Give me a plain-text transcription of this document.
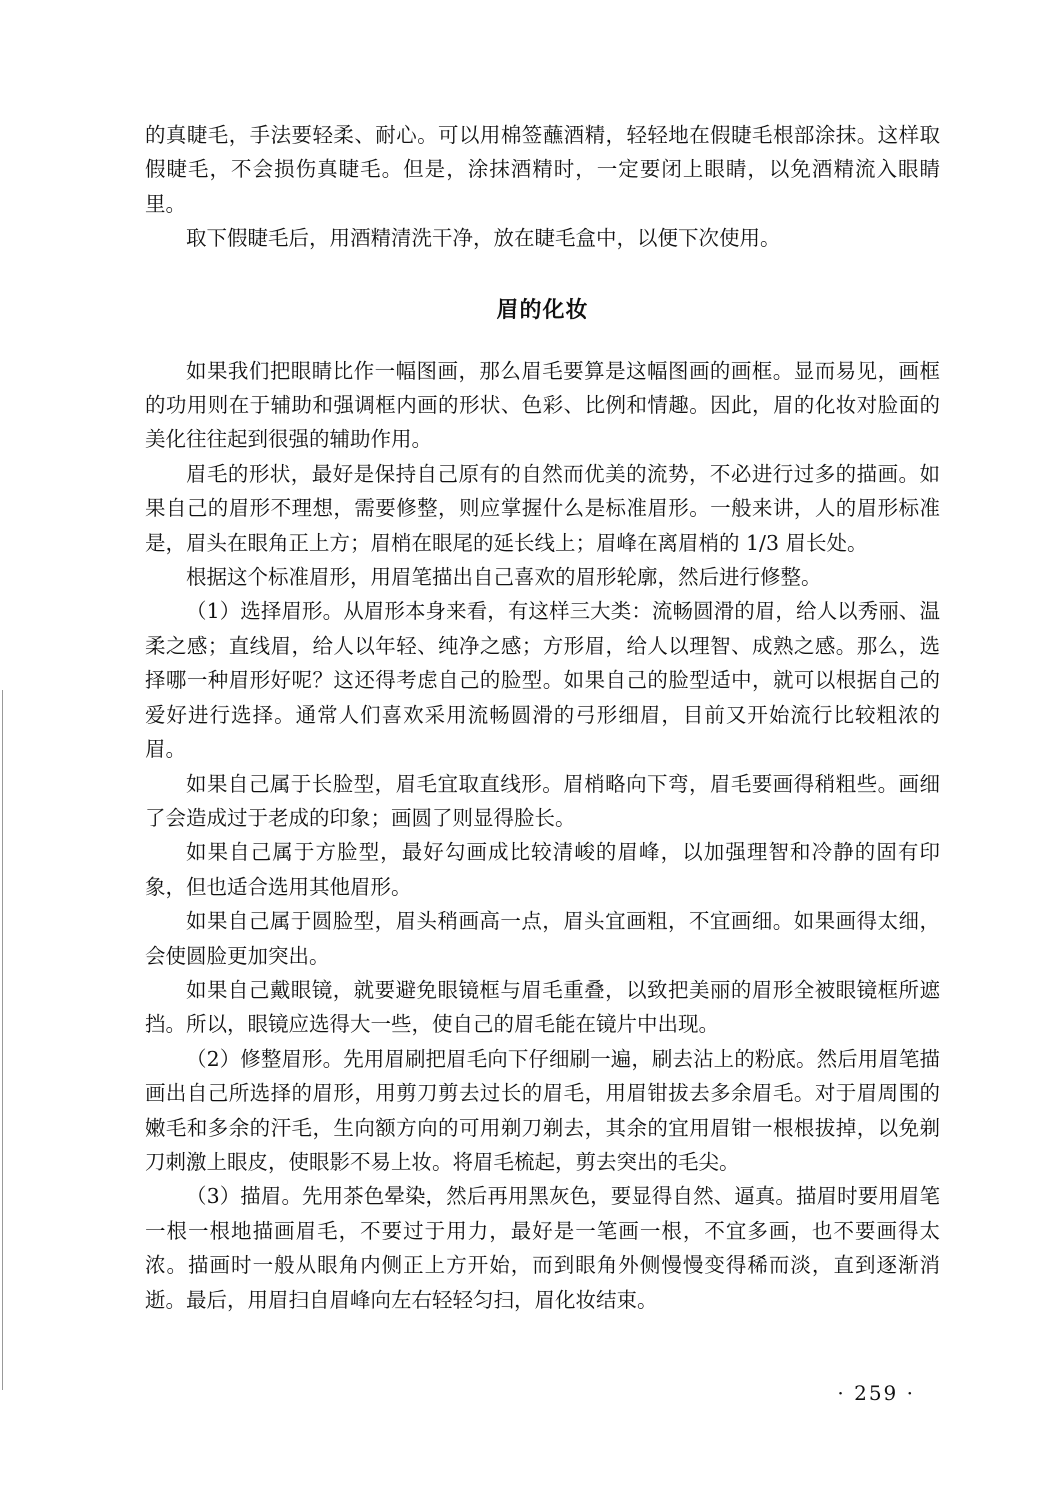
的真睫毛，手法要轻柔、耐心。可以用棉签蘸酒精，轻轻地在假睫毛根部涂抹。这样取假睫毛，不会损伤真睫毛。但是，涂抹酒精时，一定要闭上眼睛，以免酒精流入眼睛里。

取下假睫毛后，用酒精清洗干净，放在睫毛盒中，以便下次使用。

眉的化妆

如果我们把眼睛比作一幅图画，那么眉毛要算是这幅图画的画框。显而易见，画框的功用则在于辅助和强调框内画的形状、色彩、比例和情趣。因此，眉的化妆对脸面的美化往往起到很强的辅助作用。

眉毛的形状，最好是保持自己原有的自然而优美的流势，不必进行过多的描画。如果自己的眉形不理想，需要修整，则应掌握什么是标准眉形。一般来讲，人的眉形标准是，眉头在眼角正上方；眉梢在眼尾的延长线上；眉峰在离眉梢的 1/3 眉长处。

根据这个标准眉形，用眉笔描出自己喜欢的眉形轮廓，然后进行修整。

（1）选择眉形。从眉形本身来看，有这样三大类：流畅圆滑的眉，给人以秀丽、温柔之感；直线眉，给人以年轻、纯净之感；方形眉，给人以理智、成熟之感。那么，选择哪一种眉形好呢？这还得考虑自己的脸型。如果自己的脸型适中，就可以根据自己的爱好进行选择。通常人们喜欢采用流畅圆滑的弓形细眉，目前又开始流行比较粗浓的眉。

如果自己属于长脸型，眉毛宜取直线形。眉梢略向下弯，眉毛要画得稍粗些。画细了会造成过于老成的印象；画圆了则显得脸长。

如果自己属于方脸型，最好勾画成比较清峻的眉峰，以加强理智和冷静的固有印象，但也适合选用其他眉形。

如果自己属于圆脸型，眉头稍画高一点，眉头宜画粗，不宜画细。如果画得太细，会使圆脸更加突出。

如果自己戴眼镜，就要避免眼镜框与眉毛重叠，以致把美丽的眉形全被眼镜框所遮挡。所以，眼镜应选得大一些，使自己的眉毛能在镜片中出现。

（2）修整眉形。先用眉刷把眉毛向下仔细刷一遍，刷去沾上的粉底。然后用眉笔描画出自己所选择的眉形，用剪刀剪去过长的眉毛，用眉钳拔去多余眉毛。对于眉周围的嫩毛和多余的汗毛，生向额方向的可用剃刀剃去，其余的宜用眉钳一根根拔掉，以免剃刀刺激上眼皮，使眼影不易上妆。将眉毛梳起，剪去突出的毛尖。

（3）描眉。先用茶色晕染，然后再用黑灰色，要显得自然、逼真。描眉时要用眉笔一根一根地描画眉毛，不要过于用力，最好是一笔画一根，不宜多画，也不要画得太浓。描画时一般从眼角内侧正上方开始，而到眼角外侧慢慢变得稀而淡，直到逐渐消逝。最后，用眉扫自眉峰向左右轻轻匀扫，眉化妆结束。

· 259 ·
